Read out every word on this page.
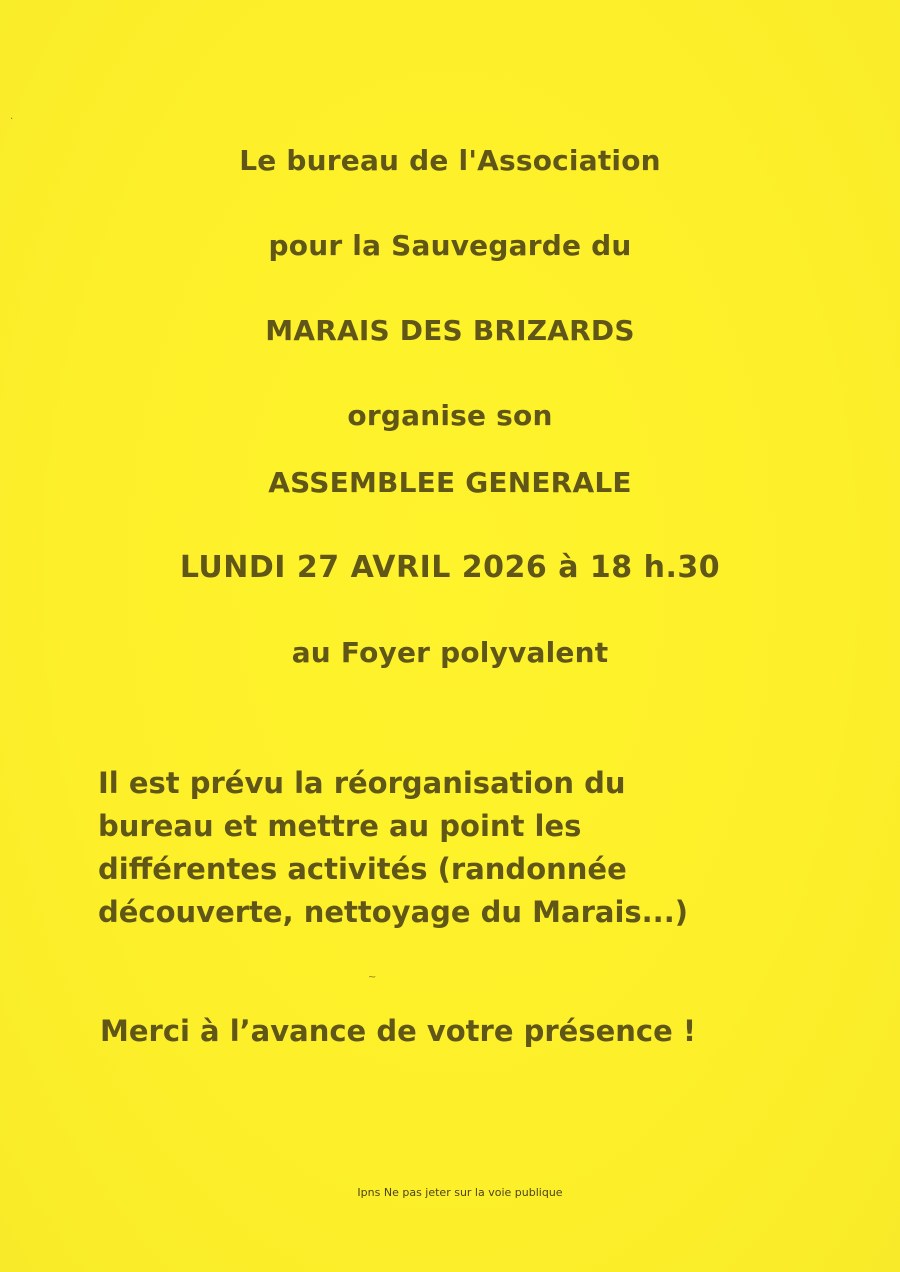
Le bureau de l'Association
pour la Sauvegarde du
MARAIS DES BRIZARDS
organise son
ASSEMBLEE GENERALE
LUNDI 27 AVRIL 2026 à 18 h.30
au Foyer polyvalent
Il est prévu la réorganisation du
bureau et mettre au point les
différentes activités (randonnée
découverte, nettoyage du Marais...)
Merci à l’avance de votre présence !
Ipns Ne pas jeter sur la voie publique
~
·
